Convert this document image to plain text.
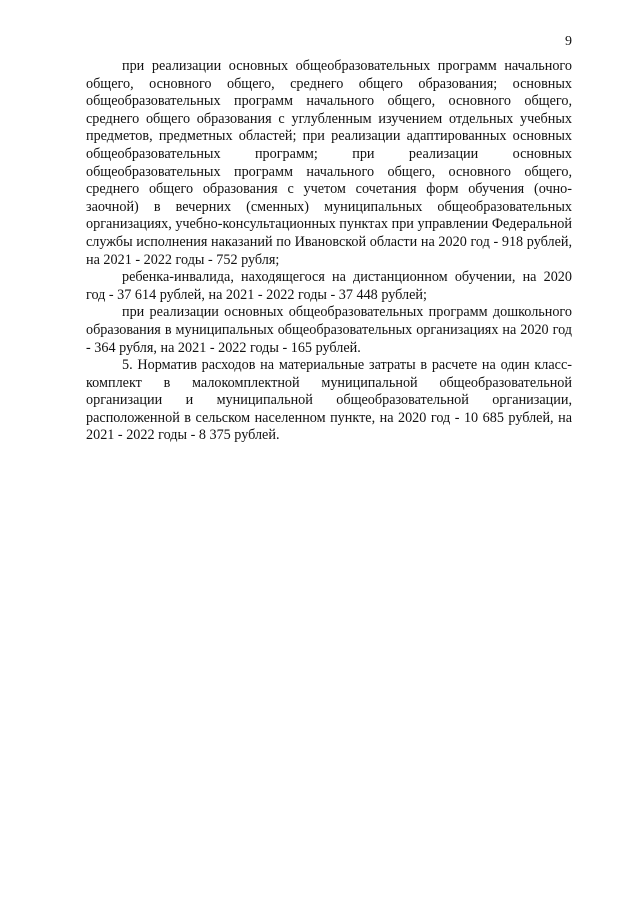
9

при реализации основных общеобразовательных программ начального общего, основного общего, среднего общего образования; основных общеобразовательных программ начального общего, основного общего, среднего общего образования с углубленным изучением отдельных учебных предметов, предметных областей; при реализации адаптированных основных общеобразовательных программ; при реализации основных общеобразовательных программ начального общего, основного общего, среднего общего образования с учетом сочетания форм обучения (очно-заочной) в вечерних (сменных) муниципальных общеобразовательных организациях, учебно-консультационных пунктах при управлении Федеральной службы исполнения наказаний по Ивановской области на 2020 год - 918 рублей, на 2021 - 2022 годы - 752 рубля;

ребенка-инвалида, находящегося на дистанционном обучении, на 2020 год - 37 614 рублей, на 2021 - 2022 годы - 37 448 рублей;

при реализации основных общеобразовательных программ дошкольного образования в муниципальных общеобразовательных организациях на 2020 год - 364 рубля, на 2021 - 2022 годы - 165 рублей.

5. Норматив расходов на материальные затраты в расчете на один класс-комплект в малокомплектной муниципальной общеобразовательной организации и муниципальной общеобразовательной организации, расположенной в сельском населенном пункте, на 2020 год - 10 685 рублей, на 2021 - 2022 годы - 8 375 рублей.
